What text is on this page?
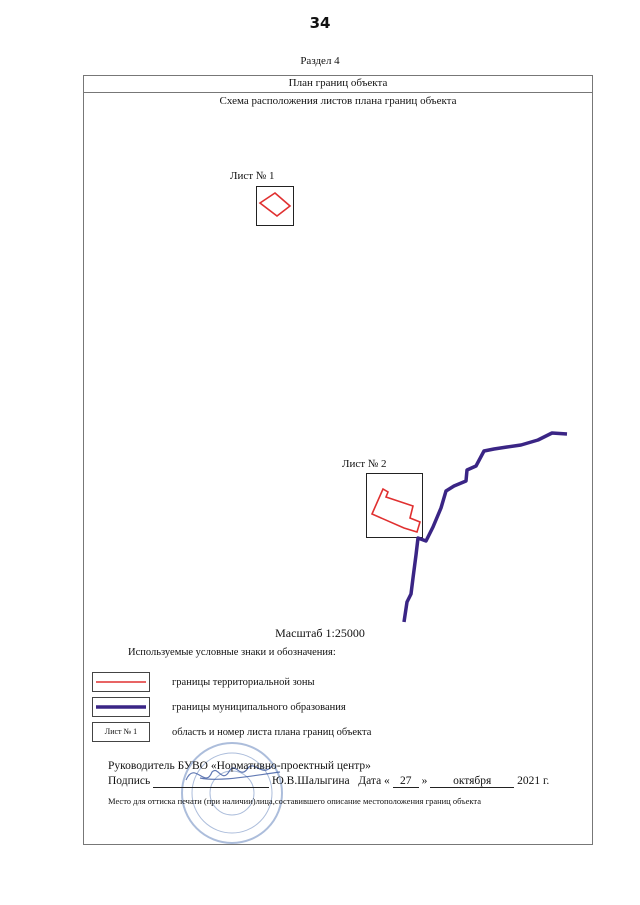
34
Раздел 4
План границ объекта
Схема расположения листов плана границ объекта
Лист № 1
Лист № 2
Масштаб 1:25000
Используемые условные знаки и обозначения:
границы территориальной зоны
границы муниципального образования
Лист № 1	область и номер листа плана границ объекта
Руководитель БУВО «Нормативно-проектный центр»
Подпись	Ю.В.Шалыгина Дата « 27 » октября 2021 г.
Место для оттиска печати (при наличии)лица,составившего описание местоположения границ объекта
